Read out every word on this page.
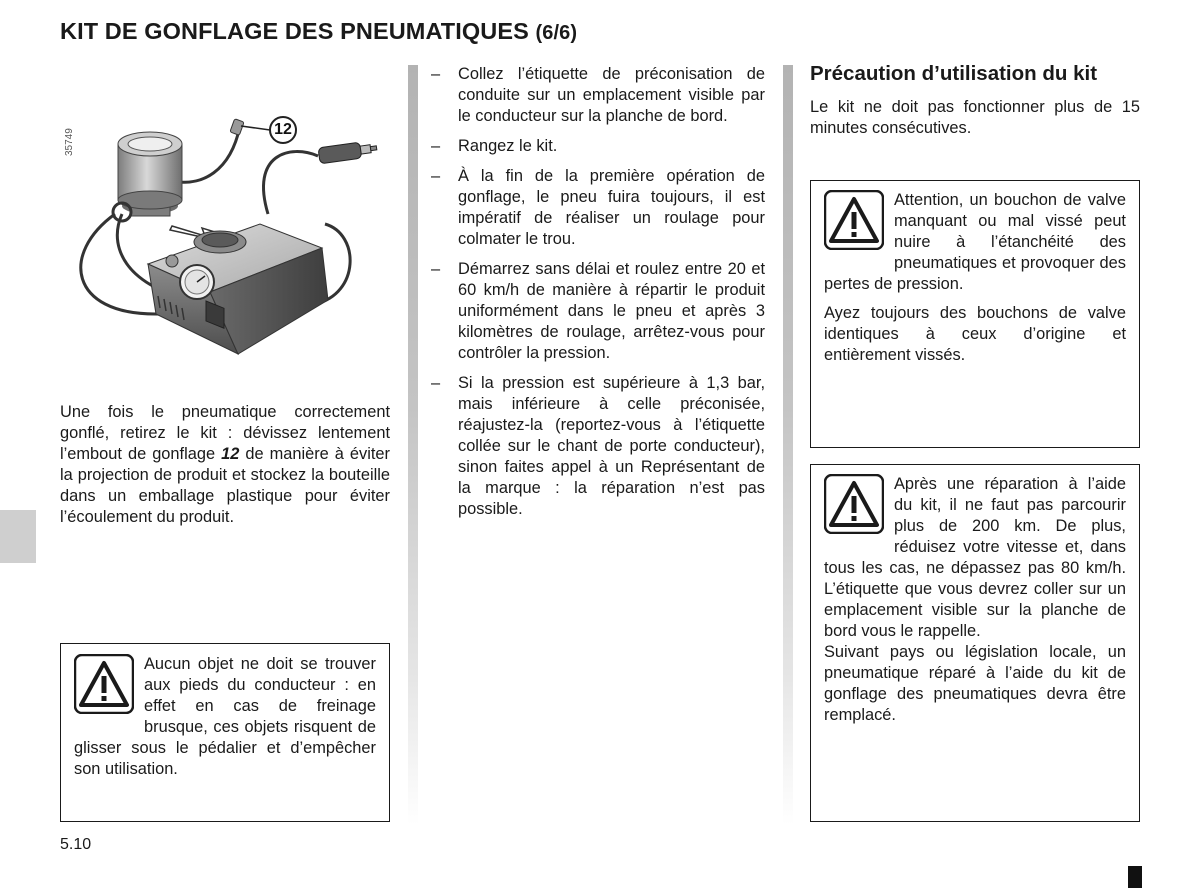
KIT DE GONFLAGE DES PNEUMATIQUES (6/6)
35749	12

Une fois le pneumatique correctement gonflé, retirez le kit : dévissez lentement l’embout de gonflage 12 de manière à éviter la projection de produit et stockez la bouteille dans un emballage plastique pour éviter l’écoulement du produit.

Aucun objet ne doit se trouver aux pieds du conducteur : en effet en cas de freinage brusque, ces objets risquent de glisser sous le pédalier et d’empêcher son utilisation.

– Collez l’étiquette de préconisation de conduite sur un emplacement visible par le conducteur sur la planche de bord.
– Rangez le kit.
– À la fin de la première opération de gonflage, le pneu fuira toujours, il est impératif de réaliser un roulage pour colmater le trou.
– Démarrez sans délai et roulez entre 20 et 60 km/h de manière à répartir le produit uniformément dans le pneu et après 3 kilomètres de roulage, arrêtez-vous pour contrôler la pression.
– Si la pression est supérieure à 1,3 bar, mais inférieure à celle préconisée, réajustez-la (reportez-vous à l’étiquette collée sur le chant de porte conducteur), sinon faites appel à un Représentant de la marque : la réparation n’est pas possible.
Précaution d’utilisation du kit

Le kit ne doit pas fonctionner plus de 15 minutes consécutives.

Attention, un bouchon de valve manquant ou mal vissé peut nuire à l’étanchéité des pneumatiques et provoquer des pertes de pression.

Ayez toujours des bouchons de valve identiques à ceux d’origine et entièrement vissés.

Après une réparation à l’aide du kit, il ne faut pas parcourir plus de 200 km. De plus, réduisez votre vitesse et, dans tous les cas, ne dépassez pas 80 km/h. L’étiquette que vous devrez coller sur un emplacement visible sur la planche de bord vous le rappelle.

Suivant pays ou législation locale, un pneumatique réparé à l’aide du kit de gonflage des pneumatiques devra être remplacé.

5.10
